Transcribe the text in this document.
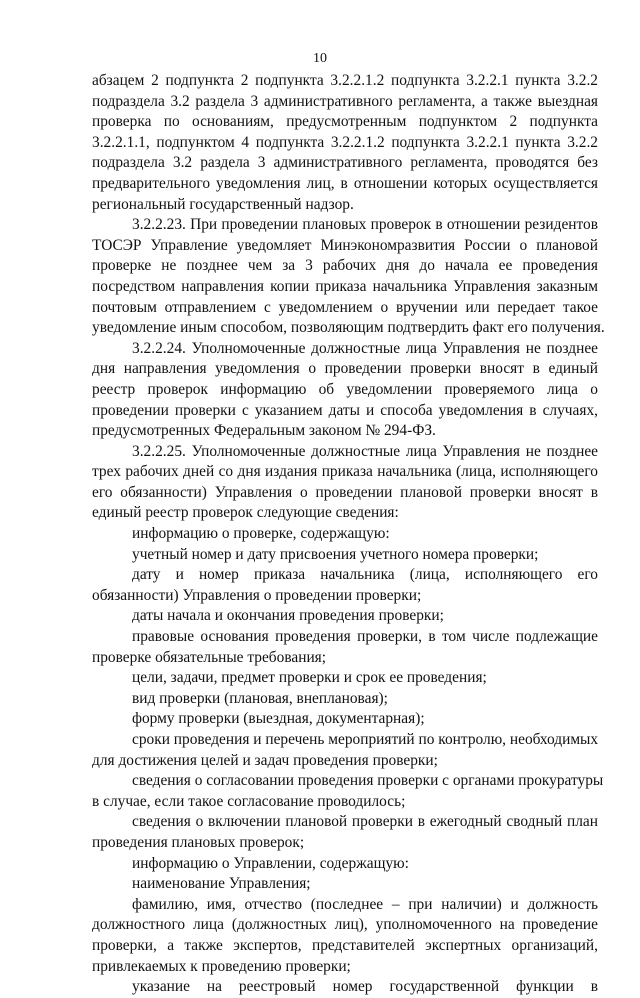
10
абзацем 2 подпункта 2 подпункта 3.2.2.1.2 подпункта 3.2.2.1 пункта 3.2.2
подраздела 3.2 раздела 3 административного регламента, а также выездная
проверка по основаниям, предусмотренным подпунктом 2 подпункта
3.2.2.1.1, подпунктом 4 подпункта 3.2.2.1.2 подпункта 3.2.2.1 пункта 3.2.2
подраздела 3.2 раздела 3 административного регламента, проводятся без
предварительного уведомления лиц, в отношении которых осуществляется
региональный государственный надзор.
3.2.2.23. При проведении плановых проверок в отношении резидентов
ТОСЭР Управление уведомляет Минэкономразвития России о плановой
проверке не позднее чем за 3 рабочих дня до начала ее проведения
посредством направления копии приказа начальника Управления заказным
почтовым отправлением с уведомлением о вручении или передает такое
уведомление иным способом, позволяющим подтвердить факт его получения.
3.2.2.24. Уполномоченные должностные лица Управления не позднее
дня направления уведомления о проведении проверки вносят в единый
реестр проверок информацию об уведомлении проверяемого лица о
проведении проверки с указанием даты и способа уведомления в случаях,
предусмотренных Федеральным законом № 294-ФЗ.
3.2.2.25. Уполномоченные должностные лица Управления не позднее
трех рабочих дней со дня издания приказа начальника (лица, исполняющего
его обязанности) Управления о проведении плановой проверки вносят в
единый реестр проверок следующие сведения:
информацию о проверке, содержащую:
учетный номер и дату присвоения учетного номера проверки;
дату и номер приказа начальника (лица, исполняющего его
обязанности) Управления о проведении проверки;
даты начала и окончания проведения проверки;
правовые основания проведения проверки, в том числе подлежащие
проверке обязательные требования;
цели, задачи, предмет проверки и срок ее проведения;
вид проверки (плановая, внеплановая);
форму проверки (выездная, документарная);
сроки проведения и перечень мероприятий по контролю, необходимых
для достижения целей и задач проведения проверки;
сведения о согласовании проведения проверки с органами прокуратуры
в случае, если такое согласование проводилось;
сведения о включении плановой проверки в ежегодный сводный план
проведения плановых проверок;
информацию о Управлении, содержащую:
наименование Управления;
фамилию, имя, отчество (последнее – при наличии) и должность
должностного лица (должностных лиц), уполномоченного на проведение
проверки, а также экспертов, представителей экспертных организаций,
привлекаемых к проведению проверки;
указание на реестровый номер государственной функции в
